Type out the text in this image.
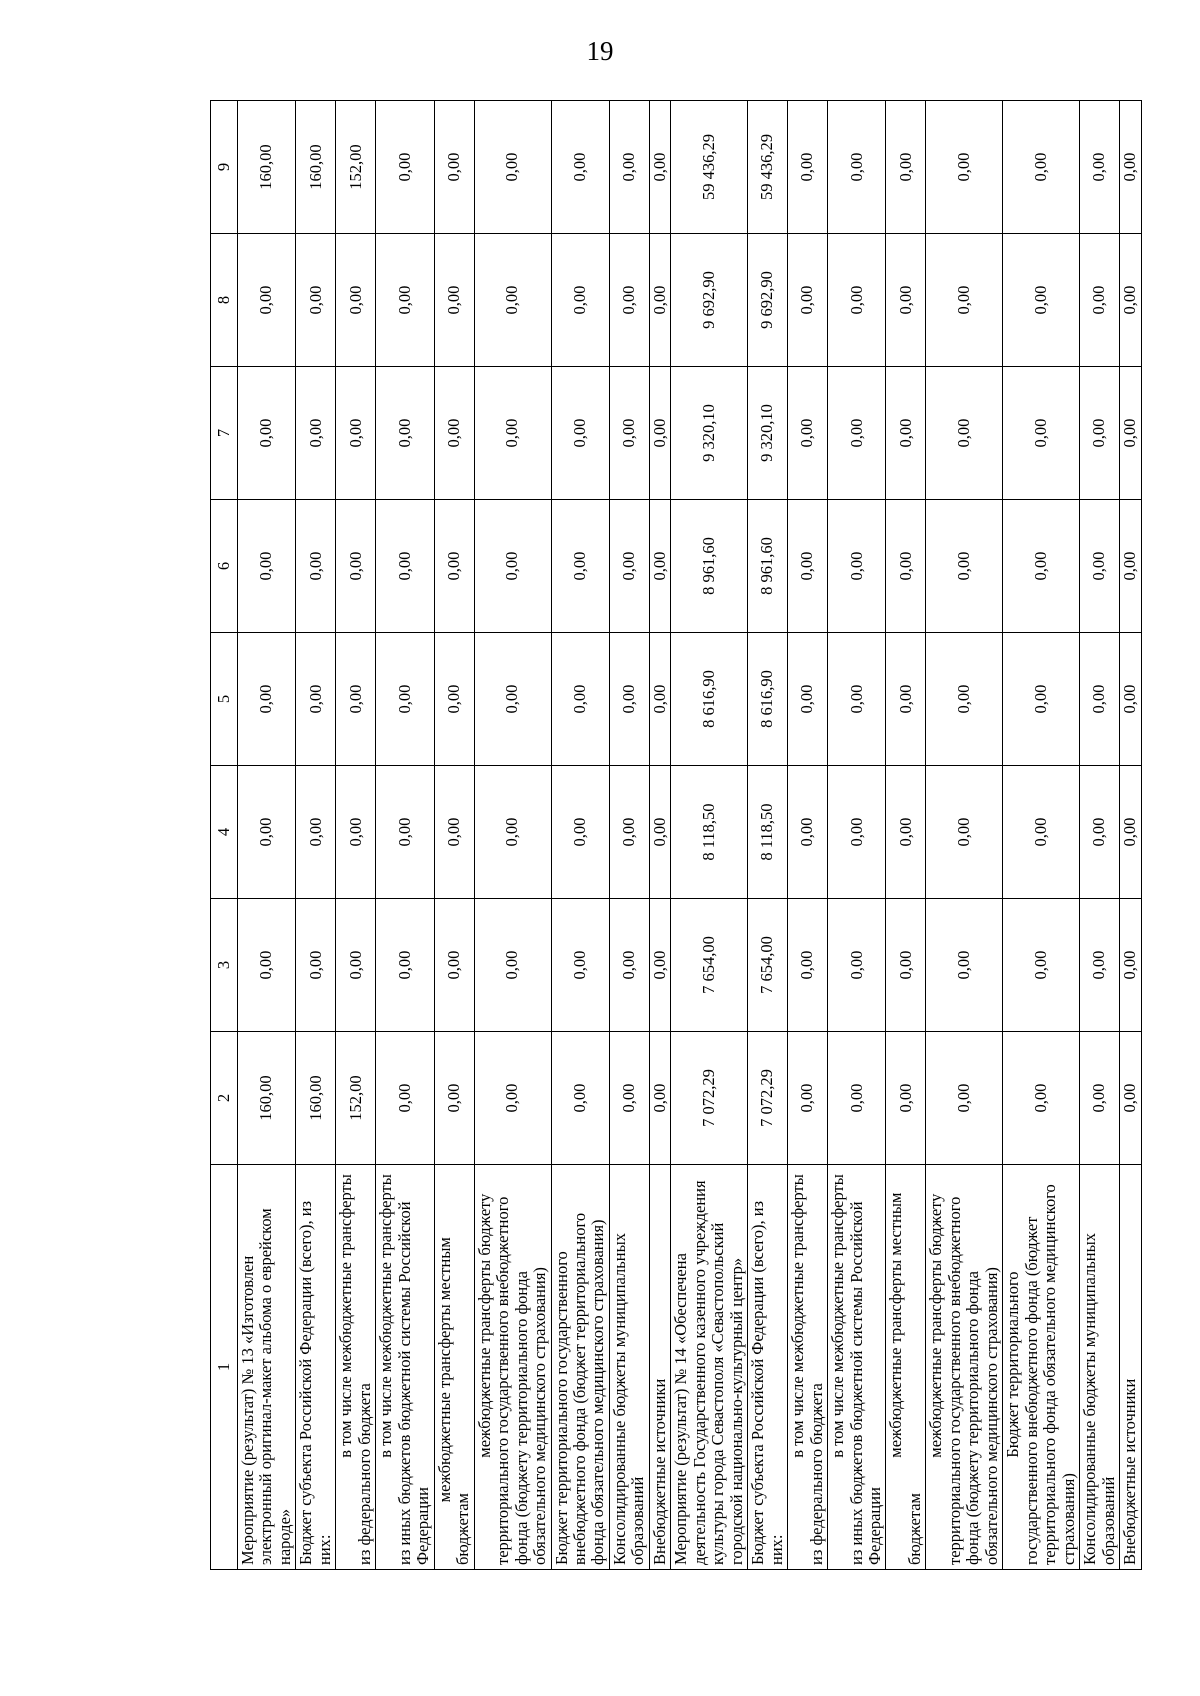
19
1	2	3	4	5	6	7	8	9
Мероприятие (результат) № 13 «Изготовлен электронный оригинал-макет альбома о еврейском народе»	160,00	0,00	0,00	0,00	0,00	0,00	0,00	160,00
Бюджет субъекта Российской Федерации (всего), из них:	160,00	0,00	0,00	0,00	0,00	0,00	0,00	160,00
в том числе межбюджетные трансферты из федерального бюджета	152,00	0,00	0,00	0,00	0,00	0,00	0,00	152,00
в том числе межбюджетные трансферты из иных бюджетов бюджетной системы Российской Федерации	0,00	0,00	0,00	0,00	0,00	0,00	0,00	0,00
межбюджетные трансферты местным бюджетам	0,00	0,00	0,00	0,00	0,00	0,00	0,00	0,00
межбюджетные трансферты бюджету территориального государственного внебюджетного фонда (бюджету территориального фонда обязательного медицинского страхования)	0,00	0,00	0,00	0,00	0,00	0,00	0,00	0,00
Бюджет территориального государственного внебюджетного фонда (бюджет территориального фонда обязательного медицинского страхования)	0,00	0,00	0,00	0,00	0,00	0,00	0,00	0,00
Консолидированные бюджеты муниципальных образований	0,00	0,00	0,00	0,00	0,00	0,00	0,00	0,00
Внебюджетные источники	0,00	0,00	0,00	0,00	0,00	0,00	0,00	0,00
Мероприятие (результат) № 14 «Обеспечена деятельность Государственного казенного учреждения культуры города Севастополя «Севастопольский городской национально-культурный центр»	7 072,29	7 654,00	8 118,50	8 616,90	8 961,60	9 320,10	9 692,90	59 436,29
Бюджет субъекта Российской Федерации (всего), из них:	7 072,29	7 654,00	8 118,50	8 616,90	8 961,60	9 320,10	9 692,90	59 436,29
в том числе межбюджетные трансферты из федерального бюджета	0,00	0,00	0,00	0,00	0,00	0,00	0,00	0,00
в том числе межбюджетные трансферты из иных бюджетов бюджетной системы Российской Федерации	0,00	0,00	0,00	0,00	0,00	0,00	0,00	0,00
межбюджетные трансферты местным бюджетам	0,00	0,00	0,00	0,00	0,00	0,00	0,00	0,00
межбюджетные трансферты бюджету территориального государственного внебюджетного фонда (бюджету территориального фонда обязательного медицинского страхования)	0,00	0,00	0,00	0,00	0,00	0,00	0,00	0,00
Бюджет территориального государственного внебюджетного фонда (бюджет территориального фонда обязательного медицинского страхования)	0,00	0,00	0,00	0,00	0,00	0,00	0,00	0,00
Консолидированные бюджеты муниципальных образований	0,00	0,00	0,00	0,00	0,00	0,00	0,00	0,00
Внебюджетные источники	0,00	0,00	0,00	0,00	0,00	0,00	0,00	0,00
